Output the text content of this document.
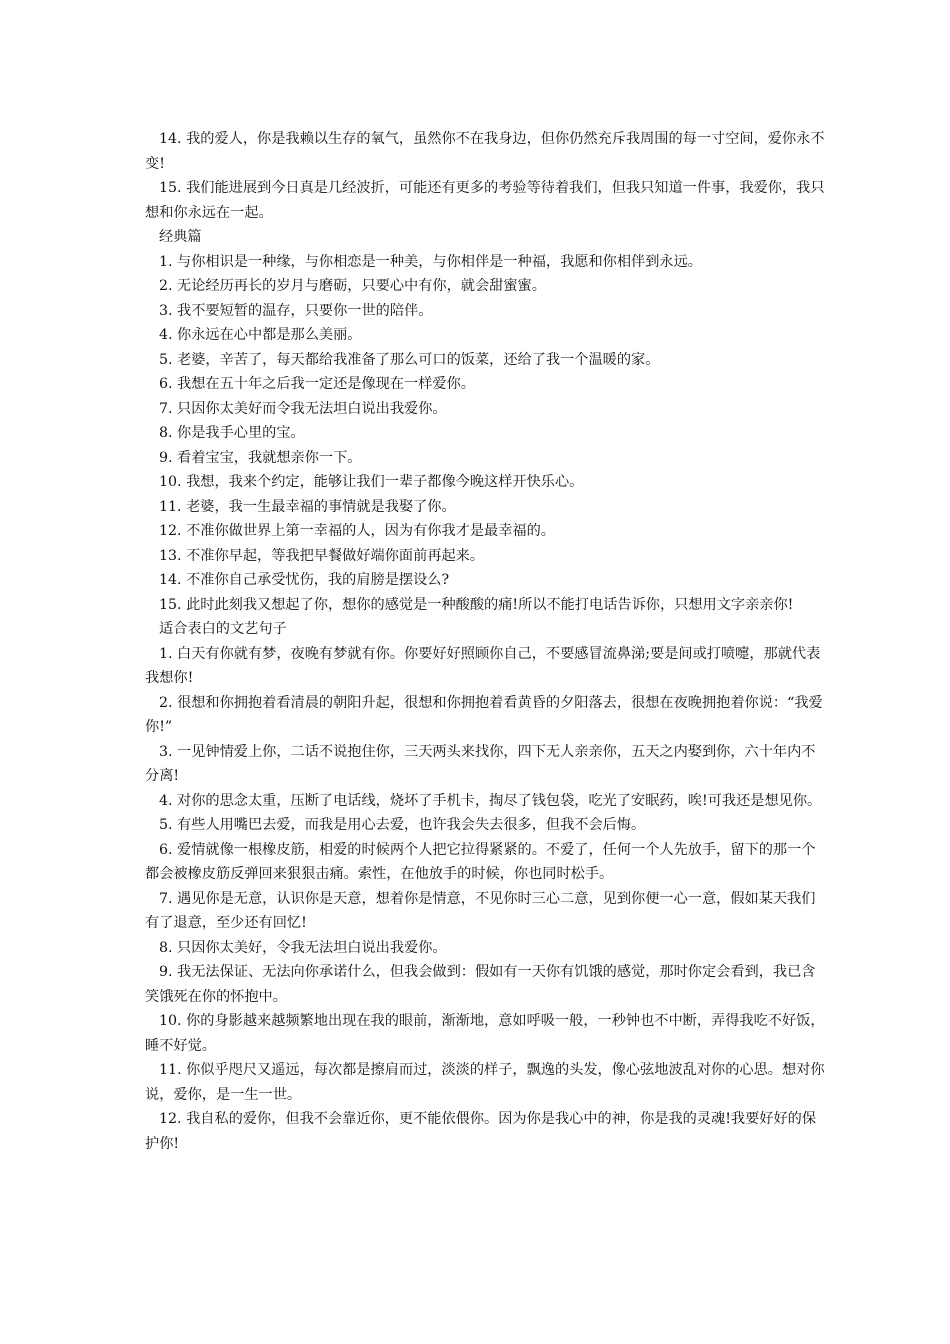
14. 我的爱人，你是我赖以生存的氧气，虽然你不在我身边，但你仍然充斥我周围的每一寸空间，爱你永不变!

15. 我们能进展到今日真是几经波折，可能还有更多的考验等待着我们，但我只知道一件事，我爱你，我只想和你永远在一起。

经典篇

1. 与你相识是一种缘，与你相恋是一种美，与你相伴是一种福，我愿和你相伴到永远。

2. 无论经历再长的岁月与磨砺，只要心中有你，就会甜蜜蜜。

3. 我不要短暂的温存，只要你一世的陪伴。

4. 你永远在心中都是那么美丽。

5. 老婆，辛苦了，每天都给我准备了那么可口的饭菜，还给了我一个温暖的家。

6. 我想在五十年之后我一定还是像现在一样爱你。

7. 只因你太美好而令我无法坦白说出我爱你。

8. 你是我手心里的宝。

9. 看着宝宝，我就想亲你一下。

10. 我想，我来个约定，能够让我们一辈子都像今晚这样开快乐心。

11. 老婆，我一生最幸福的事情就是我娶了你。

12. 不准你做世界上第一幸福的人，因为有你我才是最幸福的。

13. 不准你早起，等我把早餐做好端你面前再起来。

14. 不准你自己承受忧伤，我的肩膀是摆设么?

15. 此时此刻我又想起了你，想你的感觉是一种酸酸的痛!所以不能打电话告诉你，只想用文字亲亲你!

适合表白的文艺句子

1. 白天有你就有梦，夜晚有梦就有你。你要好好照顾你自己，不要感冒流鼻涕;要是间或打喷嚏，那就代表我想你!

2. 很想和你拥抱着看清晨的朝阳升起，很想和你拥抱着看黄昏的夕阳落去，很想在夜晚拥抱着你说：“我爱你!”

3. 一见钟情爱上你，二话不说抱住你，三天两头来找你，四下无人亲亲你，五天之内娶到你，六十年内不分离!

4. 对你的思念太重，压断了电话线，烧坏了手机卡，掏尽了钱包袋，吃光了安眠药，唉!可我还是想见你。

5. 有些人用嘴巴去爱，而我是用心去爱，也许我会失去很多，但我不会后悔。

6. 爱情就像一根橡皮筋，相爱的时候两个人把它拉得紧紧的。不爱了，任何一个人先放手，留下的那一个都会被橡皮筋反弹回来狠狠击痛。索性，在他放手的时候，你也同时松手。

7. 遇见你是无意，认识你是天意，想着你是情意，不见你时三心二意，见到你便一心一意，假如某天我们有了退意，至少还有回忆!

8. 只因你太美好，令我无法坦白说出我爱你。

9. 我无法保证、无法向你承诺什么，但我会做到：假如有一天你有饥饿的感觉，那时你定会看到，我已含笑饿死在你的怀抱中。

10. 你的身影越来越频繁地出现在我的眼前，渐渐地，意如呼吸一般，一秒钟也不中断，弄得我吃不好饭，睡不好觉。

11. 你似乎咫尺又遥远，每次都是擦肩而过，淡淡的样子，飘逸的头发，像心弦地波乱对你的心思。想对你说，爱你，是一生一世。

12. 我自私的爱你，但我不会靠近你，更不能依偎你。因为你是我心中的神，你是我的灵魂!我要好好的保护你!
